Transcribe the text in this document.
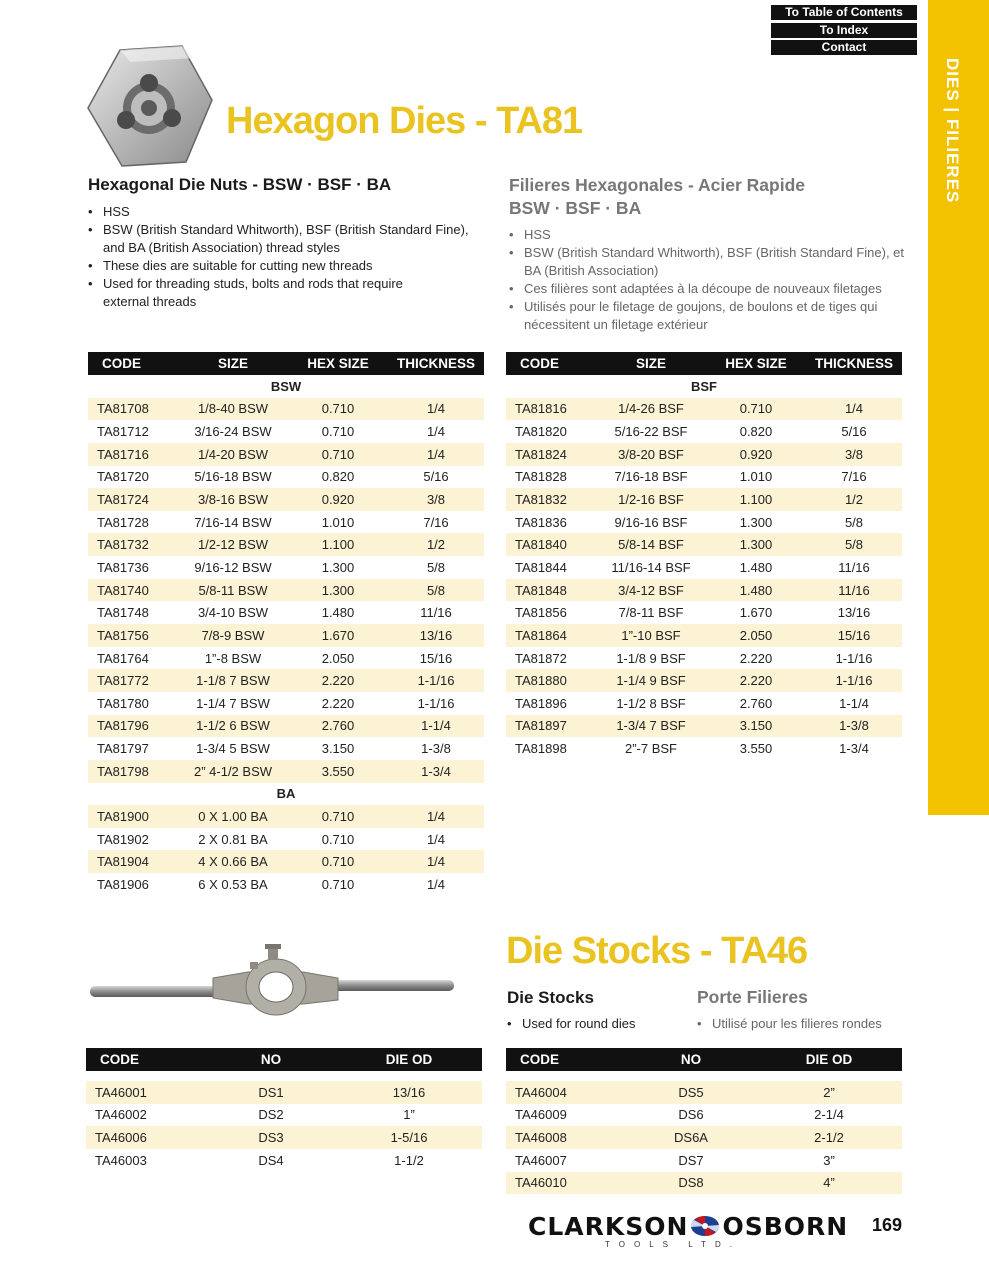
To Table of Contents
To Index
Contact
DIES | FILIERES
Hexagon Dies - TA81
Hexagonal Die Nuts - BSW · BSF · BA	Filieres Hexagonales - Acier Rapide
BSW · BSF · BA
• HSS
• BSW (British Standard Whitworth), BSF (British Standard Fine), and BA (British Association) thread styles
• These dies are suitable for cutting new threads
• Used for threading studs, bolts and rods that require external threads
• HSS
• BSW (British Standard Whitworth), BSF (British Standard Fine), et BA (British Association)
• Ces filières sont adaptées à la découpe de nouveaux filetages
• Utilisés pour le filetage de goujons, de boulons et de tiges qui nécessitent un filetage extérieur
CODE	SIZE	HEX SIZE	THICKNESS
BSW			
TA81708	1/8-40 BSW	0.710	1/4
TA81712	3/16-24 BSW	0.710	1/4
TA81716	1/4-20 BSW	0.710	1/4
TA81720	5/16-18 BSW	0.820	5/16
TA81724	3/8-16 BSW	0.920	3/8
TA81728	7/16-14 BSW	1.010	7/16
TA81732	1/2-12 BSW	1.100	1/2
TA81736	9/16-12 BSW	1.300	5/8
TA81740	5/8-11 BSW	1.300	5/8
TA81748	3/4-10 BSW	1.480	11/16
TA81756	7/8-9 BSW	1.670	13/16
TA81764	1”-8 BSW	2.050	15/16
TA81772	1-1/8 7 BSW	2.220	1-1/16
TA81780	1-1/4 7 BSW	2.220	1-1/16
TA81796	1-1/2 6 BSW	2.760	1-1/4
TA81797	1-3/4 5 BSW	3.150	1-3/8
TA81798	2” 4-1/2 BSW	3.550	1-3/4
BA			
TA81900	0 X 1.00 BA	0.710	1/4
TA81902	2 X 0.81 BA	0.710	1/4
TA81904	4 X 0.66 BA	0.710	1/4
TA81906	6 X 0.53 BA	0.710	1/4
CODE	SIZE	HEX SIZE	THICKNESS
BSF			
TA81816	1/4-26 BSF	0.710	1/4
TA81820	5/16-22 BSF	0.820	5/16
TA81824	3/8-20 BSF	0.920	3/8
TA81828	7/16-18 BSF	1.010	7/16
TA81832	1/2-16 BSF	1.100	1/2
TA81836	9/16-16 BSF	1.300	5/8
TA81840	5/8-14 BSF	1.300	5/8
TA81844	11/16-14 BSF	1.480	11/16
TA81848	3/4-12 BSF	1.480	11/16
TA81856	7/8-11 BSF	1.670	13/16
TA81864	1”-10 BSF	2.050	15/16
TA81872	1-1/8 9 BSF	2.220	1-1/16
TA81880	1-1/4 9 BSF	2.220	1-1/16
TA81896	1-1/2 8 BSF	2.760	1-1/4
TA81897	1-3/4 7 BSF	3.150	1-3/8
TA81898	2”-7 BSF	3.550	1-3/4
Die Stocks - TA46
Die Stocks	Porte Filieres
• Used for round dies	• Utilisé pour les filieres rondes
CODE	NO	DIE OD

TA46001	DS1	13/16
TA46002	DS2	1”
TA46006	DS3	1-5/16
TA46003	DS4	1-1/2
CODE	NO	DIE OD

TA46004	DS5	2”
TA46009	DS6	2-1/4
TA46008	DS6A	2-1/2
TA46007	DS7	3”
TA46010	DS8	4”
CLARKSON OSBORN
TOOLS LTD.
169
